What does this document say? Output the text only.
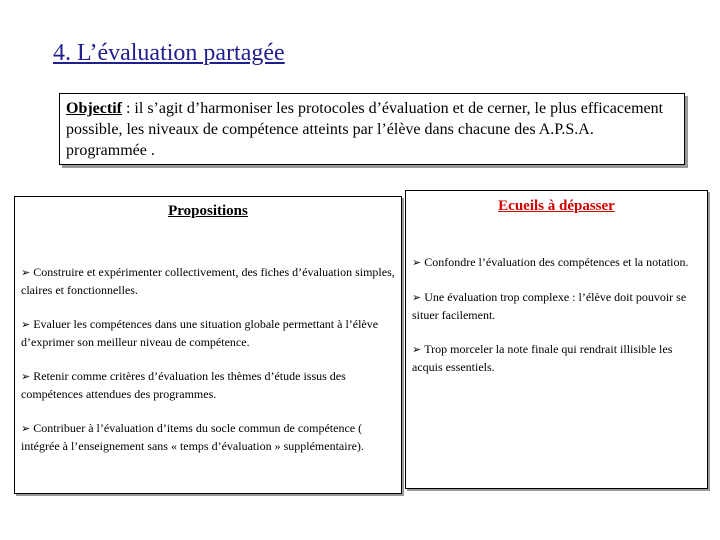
4. L’évaluation partagée
Objectif : il s’agit d’harmoniser les protocoles d’évaluation et de cerner, le plus efficacement possible, les niveaux de compétence atteints par l’élève dans chacune des A.P.S.A. programmée .
Propositions
➢ Construire et expérimenter collectivement, des fiches d’évaluation simples, claires et fonctionnelles.
➢ Evaluer les compétences dans une situation globale permettant à l’élève d’exprimer son meilleur niveau de compétence.
➢ Retenir comme critères d’évaluation les thèmes d’étude issus des compétences attendues des programmes.
➢ Contribuer à l’évaluation d’items du socle commun de compétence ( intégrée à l’enseignement sans « temps d’évaluation » supplémentaire).
Ecueils à dépasser
➢ Confondre l’évaluation des compétences et la notation.
➢ Une évaluation trop complexe : l’élève doit pouvoir se situer facilement.
➢ Trop morceler la note finale qui rendrait illisible les acquis essentiels.
